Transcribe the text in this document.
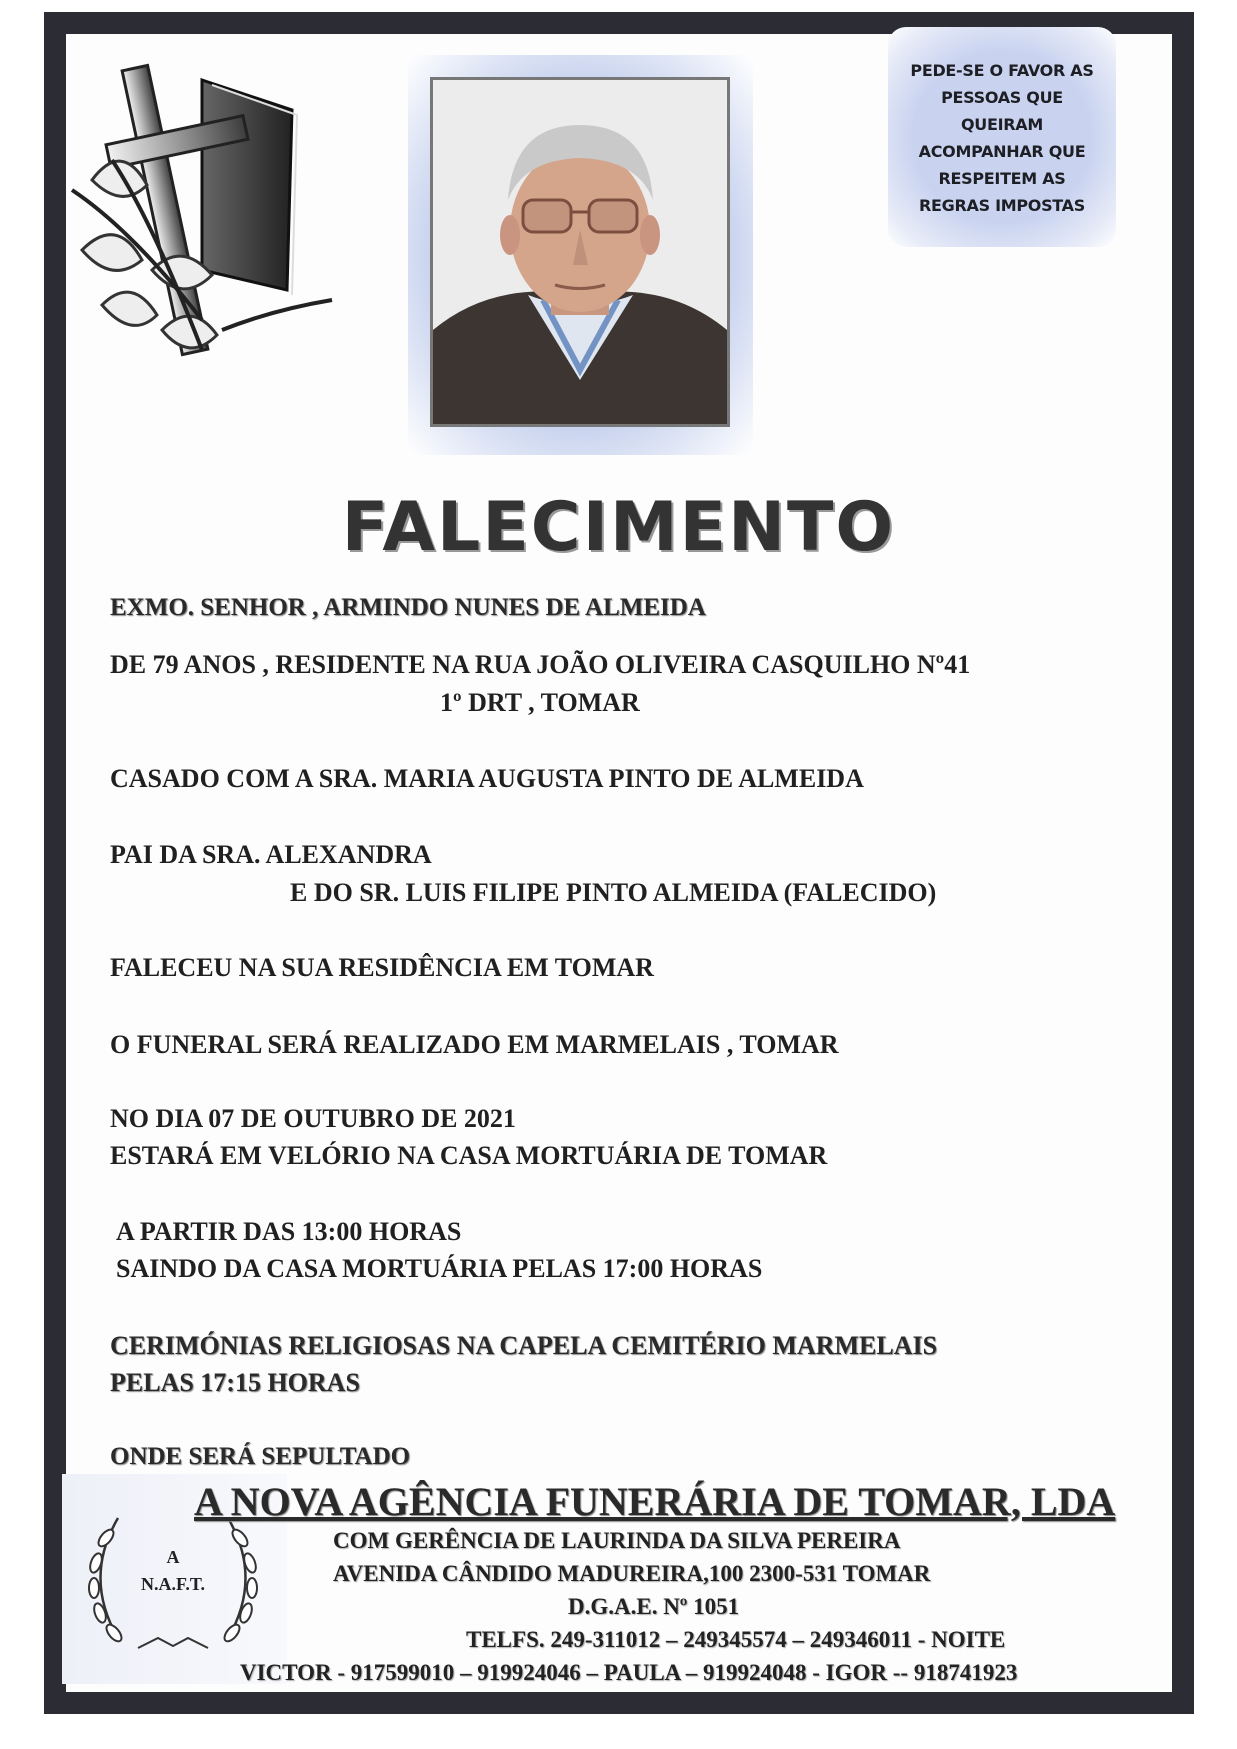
PEDE-SE O FAVOR AS
PESSOAS QUE
QUEIRAM
ACOMPANHAR QUE
RESPEITEM AS
REGRAS IMPOSTAS
FALECIMENTO
EXMO. SENHOR , ARMINDO NUNES DE ALMEIDA
DE 79 ANOS , RESIDENTE NA RUA JOÃO OLIVEIRA CASQUILHO Nº41
1º DRT , TOMAR
CASADO COM A SRA. MARIA AUGUSTA PINTO DE ALMEIDA
PAI DA SRA. ALEXANDRA
E DO SR. LUIS FILIPE PINTO ALMEIDA (FALECIDO)
FALECEU NA SUA RESIDÊNCIA EM TOMAR
O FUNERAL SERÁ REALIZADO EM MARMELAIS , TOMAR
NO DIA 07 DE OUTUBRO DE 2021
ESTARÁ EM VELÓRIO NA CASA MORTUÁRIA DE TOMAR
A PARTIR DAS 13:00 HORAS
SAINDO DA CASA MORTUÁRIA PELAS 17:00 HORAS
CERIMÓNIAS RELIGIOSAS NA CAPELA CEMITÉRIO MARMELAIS
PELAS 17:15 HORAS
ONDE SERÁ SEPULTADO
A
N.A.F.T.
A NOVA AGÊNCIA FUNERÁRIA DE TOMAR, LDA
COM GERÊNCIA DE LAURINDA DA SILVA PEREIRA
AVENIDA CÂNDIDO MADUREIRA,100 2300-531 TOMAR
D.G.A.E. Nº 1051
TELFS. 249-311012 – 249345574 – 249346011 - NOITE
VICTOR - 917599010 – 919924046 – PAULA – 919924048 - IGOR -- 918741923
